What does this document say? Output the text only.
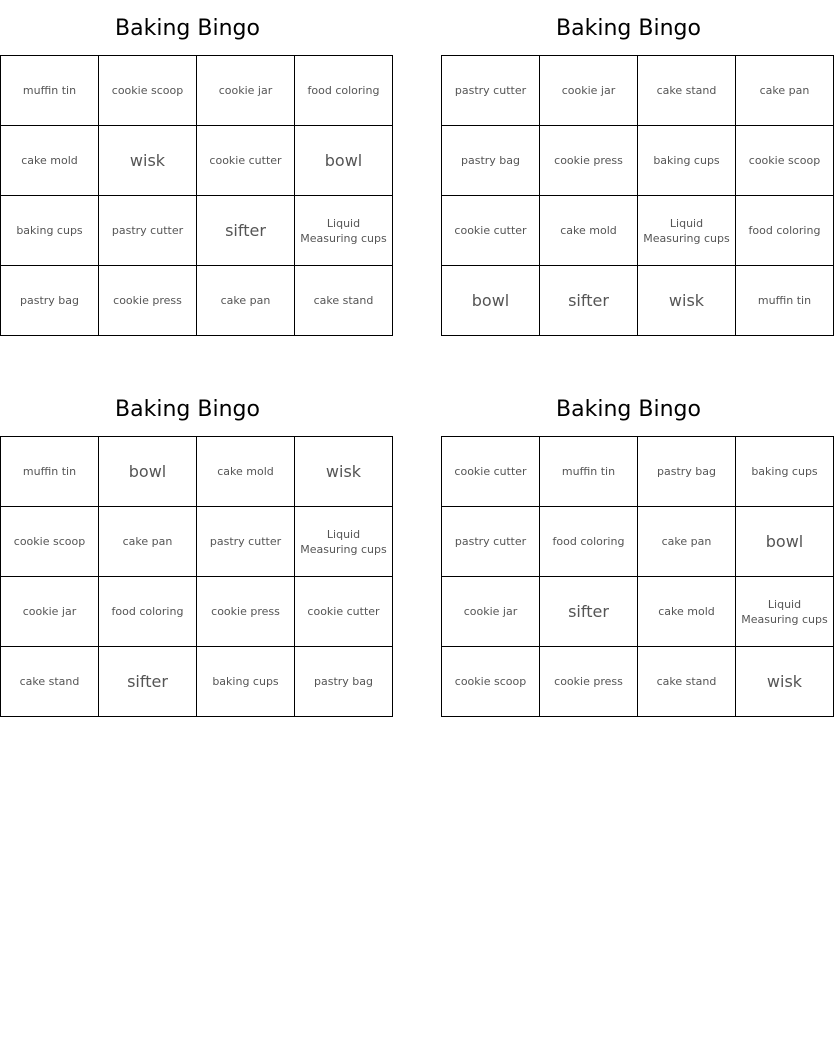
Baking Bingo
muffin tin	cookie scoop	cookie jar	food coloring
cake mold	wisk	cookie cutter	bowl
baking cups	pastry cutter	sifter	Liquid Measuring cups
pastry bag	cookie press	cake pan	cake stand
Baking Bingo
pastry cutter	cookie jar	cake stand	cake pan
pastry bag	cookie press	baking cups	cookie scoop
cookie cutter	cake mold	Liquid Measuring cups	food coloring
bowl	sifter	wisk	muffin tin
Baking Bingo
muffin tin	bowl	cake mold	wisk
cookie scoop	cake pan	pastry cutter	Liquid Measuring cups
cookie jar	food coloring	cookie press	cookie cutter
cake stand	sifter	baking cups	pastry bag
Baking Bingo
cookie cutter	muffin tin	pastry bag	baking cups
pastry cutter	food coloring	cake pan	bowl
cookie jar	sifter	cake mold	Liquid Measuring cups
cookie scoop	cookie press	cake stand	wisk
